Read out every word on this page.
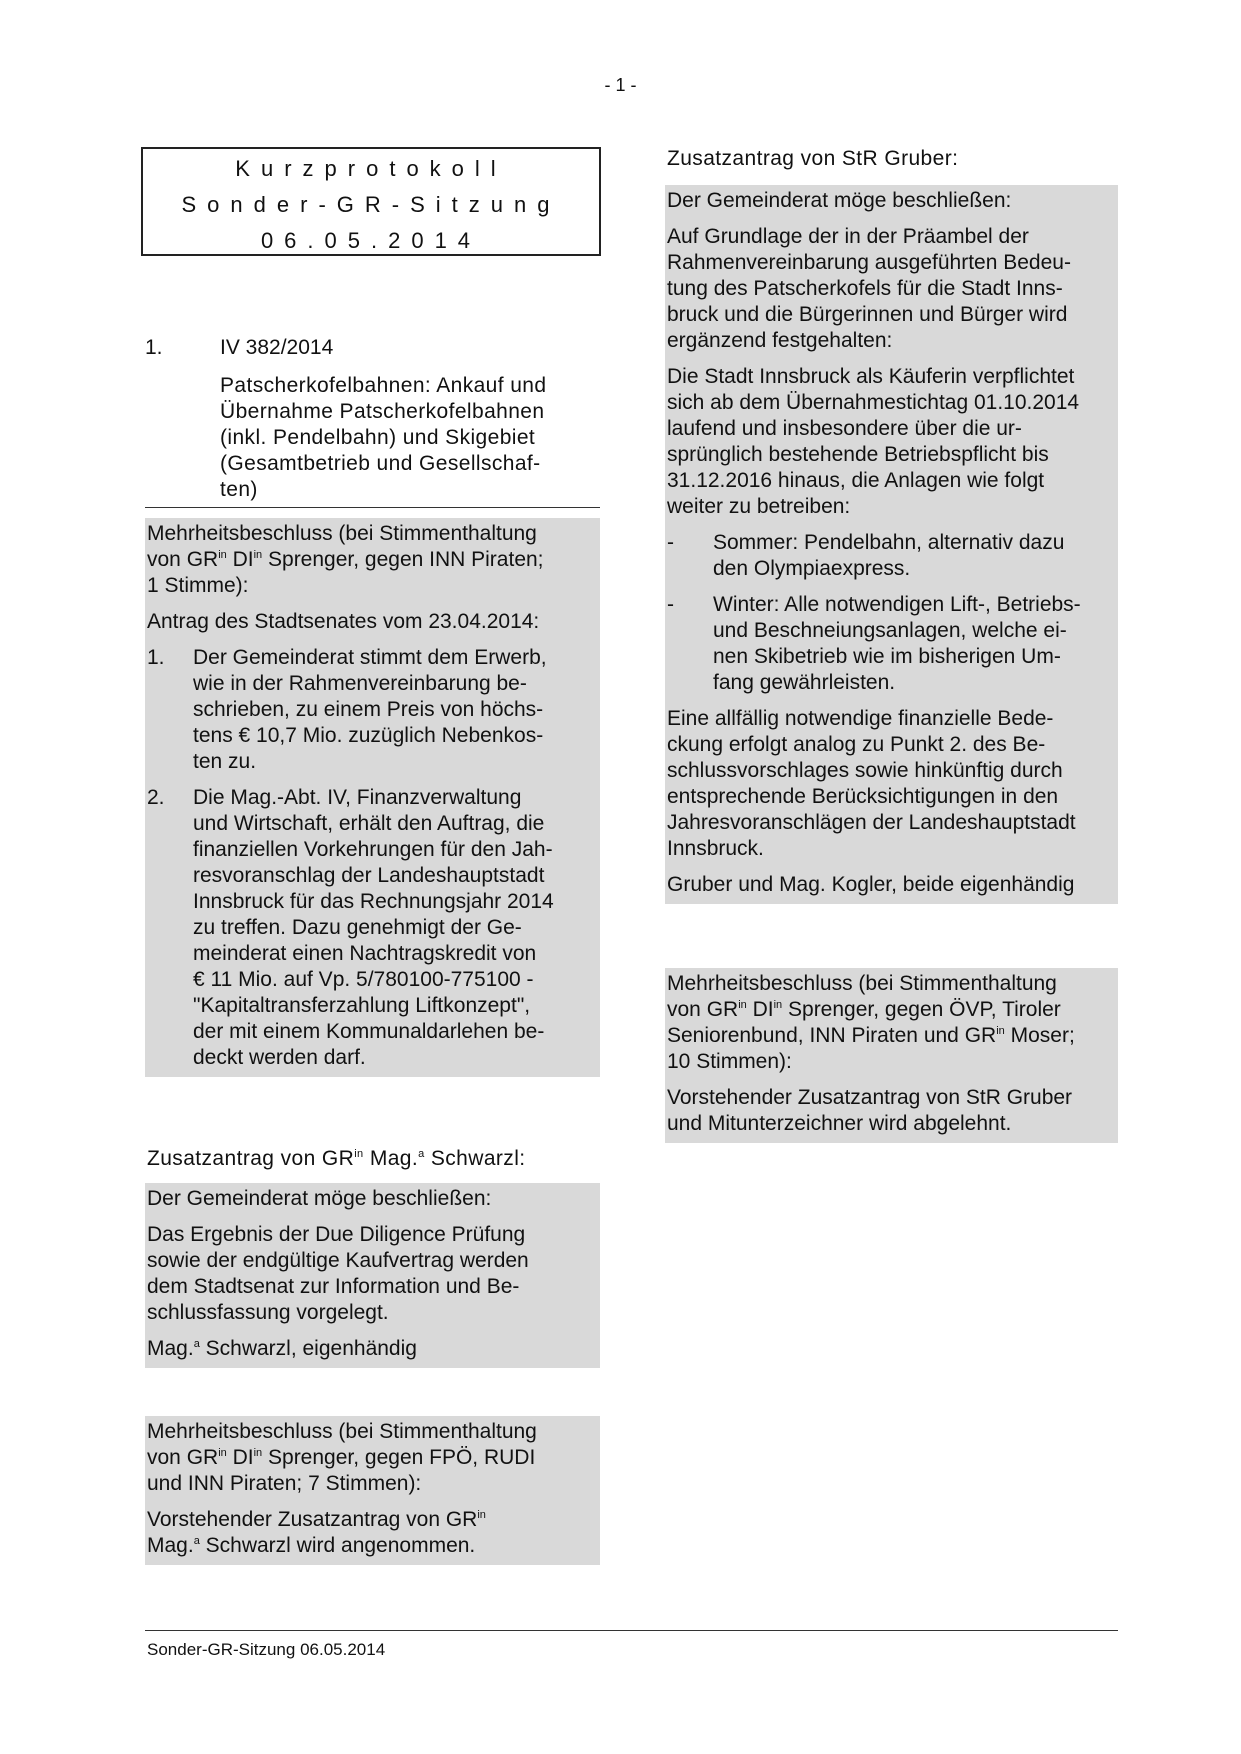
- 1 -
Kurzprotokoll
Sonder-GR-Sitzung
06.05.2014
1.	IV 382/2014
Patscherkofelbahnen: Ankauf und
Übernahme Patscherkofelbahnen
(inkl. Pendelbahn) und Skigebiet
(Gesamtbetrieb und Gesellschaf-
ten)
Mehrheitsbeschluss (bei Stimmenthaltung
von $GR^{in}$ $DI^{in}$ Sprenger, gegen INN Piraten;
1 Stimme):

Antrag des Stadtsenates vom 23.04.2014:

1.	Der Gemeinderat stimmt dem Erwerb,
wie in der Rahmenvereinbarung be-
schrieben, zu einem Preis von höchs-
tens € 10,7 Mio. zuzüglich Nebenkos-
ten zu.
2.	Die Mag.-Abt. IV, Finanzverwaltung
und Wirtschaft, erhält den Auftrag, die
finanziellen Vorkehrungen für den Jah-
resvoranschlag der Landeshauptstadt
Innsbruck für das Rechnungsjahr 2014
zu treffen. Dazu genehmigt der Ge-
meinderat einen Nachtragskredit von
€ 11 Mio. auf Vp. 5/780100-775100 -
"Kapitaltransferzahlung Liftkonzept",
der mit einem Kommunaldarlehen be-
deckt werden darf.
Zusatzantrag von $GR^{in}$ Mag.$^a$ Schwarzl:

Der Gemeinderat möge beschließen:

Das Ergebnis der Due Diligence Prüfung
sowie der endgültige Kaufvertrag werden
dem Stadtsenat zur Information und Be-
schlussfassung vorgelegt.

Mag.$^a$ Schwarzl, eigenhändig

Mehrheitsbeschluss (bei Stimmenthaltung
von $GR^{in}$ $DI^{in}$ Sprenger, gegen FPÖ, RUDI
und INN Piraten; 7 Stimmen):
Vorstehender Zusatzantrag von $GR^{in}$
Mag.$^a$ Schwarzl wird angenommen.
Zusatzantrag von StR Gruber:

Der Gemeinderat möge beschließen:

Auf Grundlage der in der Präambel der
Rahmenvereinbarung ausgeführten Bedeu-
tung des Patscherkofels für die Stadt Inns-
bruck und die Bürgerinnen und Bürger wird
ergänzend festgehalten:
Die Stadt Innsbruck als Käuferin verpflichtet
sich ab dem Übernahmestichtag 01.10.2014
laufend und insbesondere über die ur-
sprünglich bestehende Betriebspflicht bis
31.12.2016 hinaus, die Anlagen wie folgt
weiter zu betreiben:
-	Sommer: Pendelbahn, alternativ dazu
den Olympiaexpress.
-	Winter: Alle notwendigen Lift-, Betriebs-
und Beschneiungsanlagen, welche ei-
nen Skibetrieb wie im bisherigen Um-
fang gewährleisten.
Eine allfällig notwendige finanzielle Bede-
ckung erfolgt analog zu Punkt 2. des Be-
schlussvorschlages sowie hinkünftig durch
entsprechende Berücksichtigungen in den
Jahresvoranschlägen der Landeshauptstadt
Innsbruck.

Gruber und Mag. Kogler, beide eigenhändig

Mehrheitsbeschluss (bei Stimmenthaltung
von $GR^{in}$ $DI^{in}$ Sprenger, gegen ÖVP, Tiroler
Seniorenbund, INN Piraten und $GR^{in}$ Moser;
10 Stimmen):
Vorstehender Zusatzantrag von StR Gruber
und Mitunterzeichner wird abgelehnt.
Sonder-GR-Sitzung 06.05.2014
